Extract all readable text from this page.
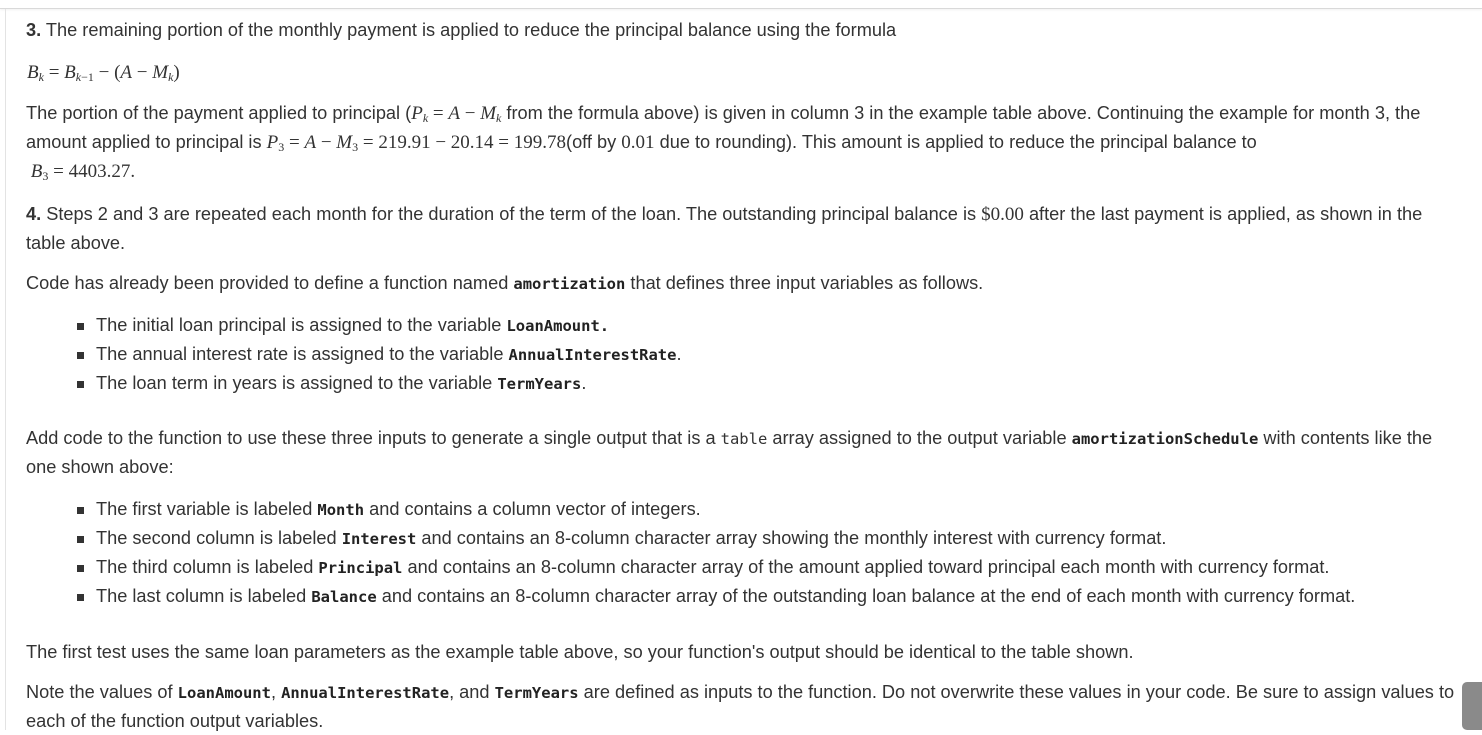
3. The remaining portion of the monthly payment is applied to reduce the principal balance using the formula

$B_k = B_{k-1} - (A - M_k)$

The portion of the payment applied to principal ($P_k = A - M_k$ from the formula above) is given in column 3 in the example table above. Continuing the example for month 3, the amount applied to principal is $P_3 = A - M_3 = 219.91 - 20.14 = 199.78(off$ by 0.01 due to rounding). This amount is applied to reduce the principal balance to
$B_3 = 4403.27$.

4. Steps 2 and 3 are repeated each month for the duration of the term of the loan. The outstanding principal balance is $0.00 after the last payment is applied, as shown in the table above.

Code has already been provided to define a function named amortization that defines three input variables as follows.

The initial loan principal is assigned to the variable LoanAmount.
The annual interest rate is assigned to the variable AnnualInterestRate.
The loan term in years is assigned to the variable TermYears.

Add code to the function to use these three inputs to generate a single output that is a table array assigned to the output variable amortizationSchedule with contents like the one shown above:

The first variable is labeled Month and contains a column vector of integers.
The second column is labeled Interest and contains an 8-column character array showing the monthly interest with currency format.
The third column is labeled Principal and contains an 8-column character array of the amount applied toward principal each month with currency format.
The last column is labeled Balance and contains an 8-column character array of the outstanding loan balance at the end of each month with currency format.

The first test uses the same loan parameters as the example table above, so your function's output should be identical to the table shown.

Note the values of LoanAmount, AnnualInterestRate, and TermYears are defined as inputs to the function. Do not overwrite these values in your code. Be sure to assign values to each of the function output variables.
